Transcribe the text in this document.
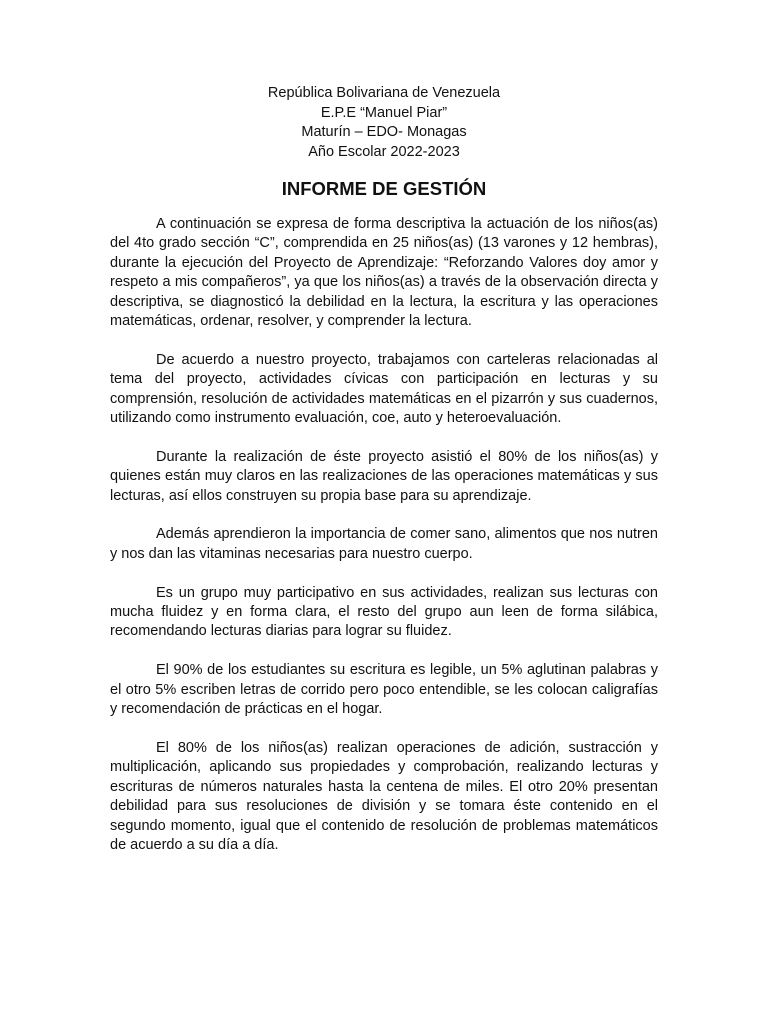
República Bolivariana de Venezuela
E.P.E “Manuel Piar”
Maturín – EDO- Monagas
Año Escolar 2022-2023
INFORME DE GESTIÓN

A continuación se expresa de forma descriptiva la actuación de los niños(as) del 4to grado sección “C”, comprendida en 25 niños(as) (13 varones y 12 hembras), durante la ejecución del Proyecto de Aprendizaje: “Reforzando Valores doy amor y respeto a mis compañeros”, ya que los niños(as) a través de la observación directa y descriptiva, se diagnosticó la debilidad en la lectura, la escritura y las operaciones matemáticas, ordenar, resolver, y comprender la lectura.

De acuerdo a nuestro proyecto, trabajamos con carteleras relacionadas al tema del proyecto, actividades cívicas con participación en lecturas y su comprensión, resolución de actividades matemáticas en el pizarrón y sus cuadernos, utilizando como instrumento evaluación, coe, auto y heteroevaluación.

Durante la realización de éste proyecto asistió el 80% de los niños(as) y quienes están muy claros en las realizaciones de las operaciones matemáticas y sus lecturas, así ellos construyen su propia base para su aprendizaje.

Además aprendieron la importancia de comer sano, alimentos que nos nutren y nos dan las vitaminas necesarias para nuestro cuerpo.

Es un grupo muy participativo en sus actividades, realizan sus lecturas con mucha fluidez y en forma clara, el resto del grupo aun leen de forma silábica, recomendando lecturas diarias para lograr su fluidez.

El 90% de los estudiantes su escritura es legible, un 5% aglutinan palabras y el otro 5% escriben letras de corrido pero poco entendible, se les colocan caligrafías y recomendación de prácticas en el hogar.

El 80% de los niños(as) realizan operaciones de adición, sustracción y multiplicación, aplicando sus propiedades y comprobación, realizando lecturas y escrituras de números naturales hasta la centena de miles. El otro 20% presentan debilidad para sus resoluciones de división y se tomara éste contenido en el segundo momento, igual que el contenido de resolución de problemas matemáticos de acuerdo a su día a día.
